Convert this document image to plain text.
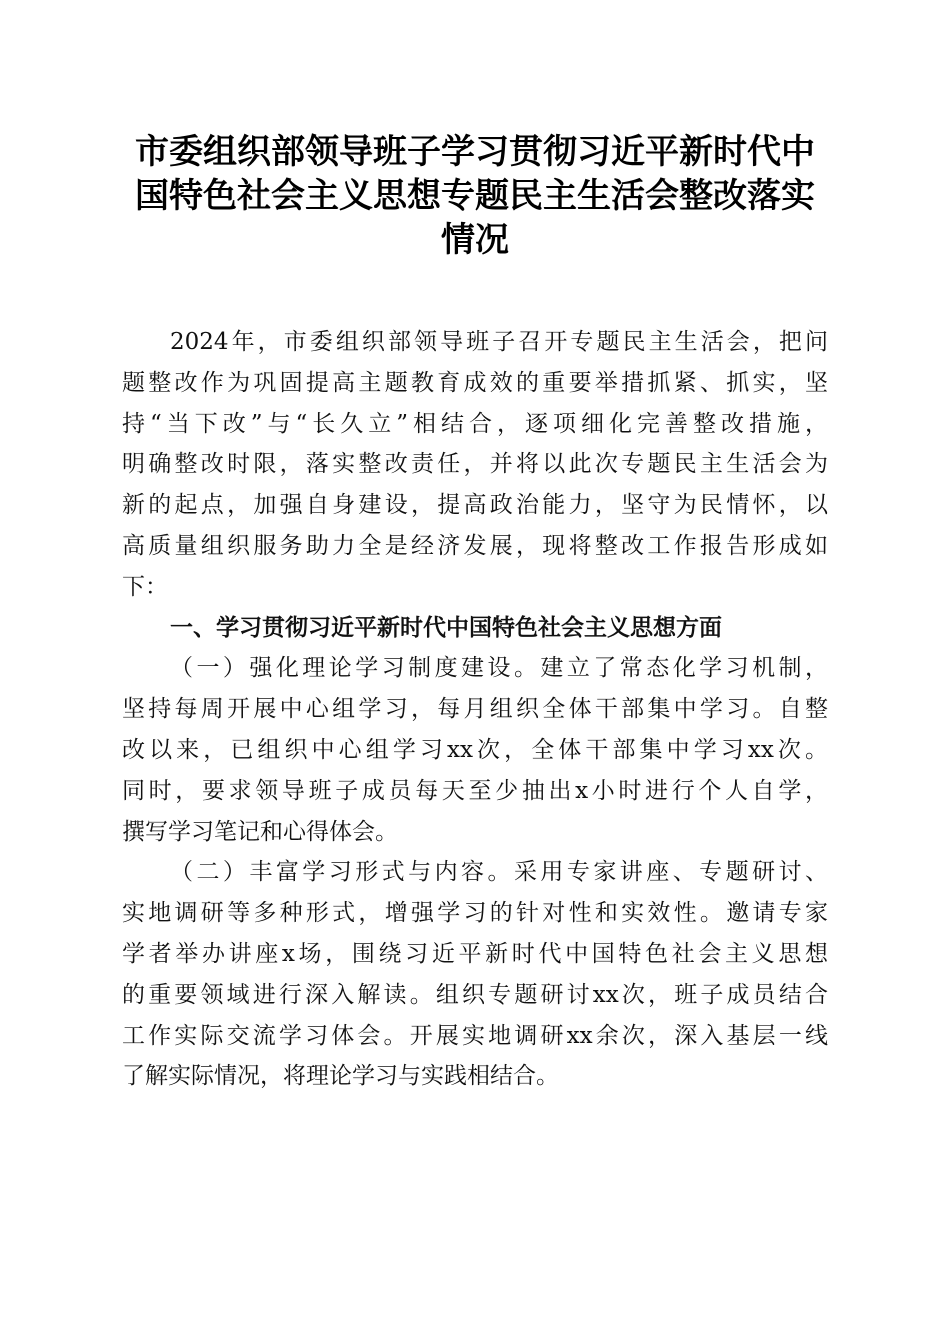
市委组织部领导班子学习贯彻习近平新时代中
国特色社会主义思想专题民主生活会整改落实
情况
2024年，市委组织部领导班子召开专题民主生活会，把问
题整改作为巩固提高主题教育成效的重要举措抓紧、抓实，坚
持“当下改”与“长久立”相结合，逐项细化完善整改措施，
明确整改时限，落实整改责任，并将以此次专题民主生活会为
新的起点，加强自身建设，提高政治能力，坚守为民情怀，以
高质量组织服务助力全是经济发展，现将整改工作报告形成如
下：
一、学习贯彻习近平新时代中国特色社会主义思想方面
（一）强化理论学习制度建设。建立了常态化学习机制，
坚持每周开展中心组学习，每月组织全体干部集中学习。自整
改以来，已组织中心组学习xx次，全体干部集中学习xx次。
同时，要求领导班子成员每天至少抽出x小时进行个人自学，
撰写学习笔记和心得体会。
（二）丰富学习形式与内容。采用专家讲座、专题研讨、
实地调研等多种形式，增强学习的针对性和实效性。邀请专家
学者举办讲座x场，围绕习近平新时代中国特色社会主义思想
的重要领域进行深入解读。组织专题研讨xx次，班子成员结合
工作实际交流学习体会。开展实地调研xx余次，深入基层一线
了解实际情况，将理论学习与实践相结合。
